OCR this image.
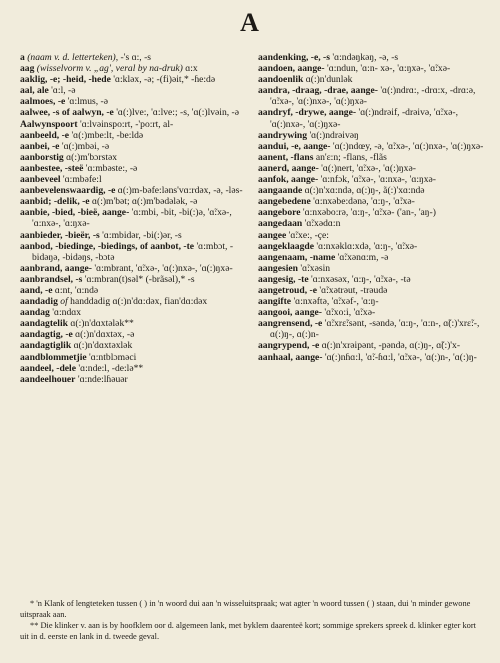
A

a (naam v. d. letterteken), -'s ɑ:, -s

aag (wisselvorm v. „ag', veral by na-druk) ɑ:x

aaklig, -e; -heid, -hede 'ɑ:kləx, -ə; -(fi)əit,* -ɦe:də

aal, ale 'ɑ:l, -ə

aalmoes, -e 'ɑ:lmus, -ə

aalwee, -s of aalwyn, -e 'ɑ(:)lve:, 'ɑ:lve:; -s, 'ɑ(:)lvəin, -ə

Aalwynspoort 'ɑ:lvəinspo:rt, -'po:rt, al-

aanbeeld, -e 'ɑ(:)mbe:lt, -be:ldə

aanbei, -e 'ɑ(:)mbəi, -ə

aanborstig ɑ(:)m'bɔrstəx

aanbestee, -steë 'ɑ:mbəste:, -ə

aanbeveel 'ɑ:mbəfe:l

aanbevelenswaardig, -e ɑ(:)m-bəfe:ləns'vɑ:rdəx, -ə, -ləs-

aanbid; -delik, -e ɑ(:)m'bət; ɑ(:)m'bədələk, -ə

aanbie, -bied, -bieë, aange- 'ɑ:mbi, -bit, -bi(:)ə, 'ɑ̃:xə-, 'ɑ:nxə-, 'ɑ:ŋxə-

aanbieder, -bieër, -s 'ɑ:mbidər, -bi(:)ər, -s

aanbod, -biedinge, -biedings, of aanbot, -te 'ɑ:mbɔt, -bidəŋə, -bidəŋs, -bɔtə

aanbrand, aange- 'ɑ:mbrant, 'ɑ̃:xə-, 'ɑ(:)nxə-, 'ɑ(:)ŋxə-

aanbrandsel, -s 'ɑ:mbran(t)səl* (-brãsəl),* -s

aand, -e ɑ:nt, 'ɑ:ndə

aandadig of handdadig ɑ(:)n'dɑ:dəx, fian'dɑ:dəx

aandag 'ɑ:ndɑx

aandagtelik ɑ(:)n'dɑxtələk**

aandagtig, -e ɑ(:)n'dɑxtəx, -ə

aandagtiglik ɑ(:)n'dɑxtəxlək

aandblommetjie 'ɑ:ntblɔməci

aandeel, -dele 'ɑ:nde:l, -de:lə**

aandeelhouer 'ɑ:nde:lɦəuər

aandenking, -e, -s 'ɑ:ndəŋkəŋ, -ə, -s

aandoen, aange- 'ɑ:ndun, 'ɑ:n- xə-, 'ɑ:ŋxə-, 'ɑ̃:xə-

aandoenlik ɑ(:)n'dunlək

aandra, -draag, -drae, aange- 'ɑ(:)ndrɑ:, -drɑ:x, -drɑ:ə, 'ɑ̃:xə-, 'ɑ(:)nxə-, 'ɑ(:)ŋxə-

aandryf, -drywe, aange- 'ɑ(:)ndrəif, -drəivə, 'ɑ̃:xə-, 'ɑ(:)nxə-, 'ɑ(:)ŋxə-

aandrywing 'ɑ(:)ndrəivəŋ

aandui, -e, aange- 'ɑ(:)ndœy, -ə, 'ɑ̃:xə-, 'ɑ(:)nxə-, 'ɑ(:)ŋxə-

aanent, -flans an'ɛ:n; -flans, -flãs

aanerd, aange- 'ɑ(:)nert, 'ɑ̃:xə-, 'ɑ(:)ŋxə-

aanfok, aange- 'ɑ:nfɔk, 'ɑ̃:xə-, 'ɑ:nxə-, 'ɑ:ŋxə-

aangaande ɑ(:)n'xɑ:ndə, ɑ(:)ŋ-, ã(:)'xɑ:ndə

aangebedene 'ɑ:nxəbe:dənə, 'ɑ:ŋ-, 'ɑ̃:xə-

aangebore 'ɑ:nxəbo:rə, 'ɑ:ŋ-, 'ɑ̃:xə- ('an-, 'aŋ-)

aangedaan 'ɑ̃:xədɑ:n

aangee 'ɑ̃:xe:, -çe:

aangeklaagde 'ɑ:nxəklɑ:xdə, 'ɑ:ŋ-, 'ɑ̃:xə-

aangenaam, -name 'ɑ̃:xənɑ:m, -ə

aangesien 'ɑ̃:xəsin

aangesig, -te 'ɑ:nxəsəx, 'ɑ:ŋ-, 'ɑ̃:xə-, -tə

aangetroud, -e 'ɑ̃:xətrəut, -trəudə

aangifte 'ɑ:nxəftə, 'ɑ̃:xəf-, 'ɑ:ŋ-

aangooi, aange- 'ɑ̃:xo:i, 'ɑ̃:xə-

aangrensend, -e 'ɑ̃:xrɛ̃:sənt, -səndə, 'ɑ:ŋ-, 'ɑ:n-, ɑ̃(:)'xrɛ̃:-, ɑ(:)ŋ-, ɑ(:)n-

aangrypend, -e ɑ(:)n'xrəipənt, -pəndə, ɑ(:)ŋ-, ɑ̃(:)'x-

aanhaal, aange- 'ɑ(:)nɦɑ:l, 'ɑ̃:-ɦɑ:l, 'ɑ̃:xə-, 'ɑ(:)n-, 'ɑ(:)ŋ-

* 'n Klank of lengteteken tussen ( ) in 'n woord dui aan 'n wisseluitspraak; wat agter 'n woord tussen ( ) staan, dui 'n minder gewone uitspraak aan.

** Die klinker v. aan is by hoofklem oor d. algemeen lank, met byklem daarenteë kort; sommige sprekers spreek d. klinker egter kort uit in d. eerste en lank in d. tweede geval.
